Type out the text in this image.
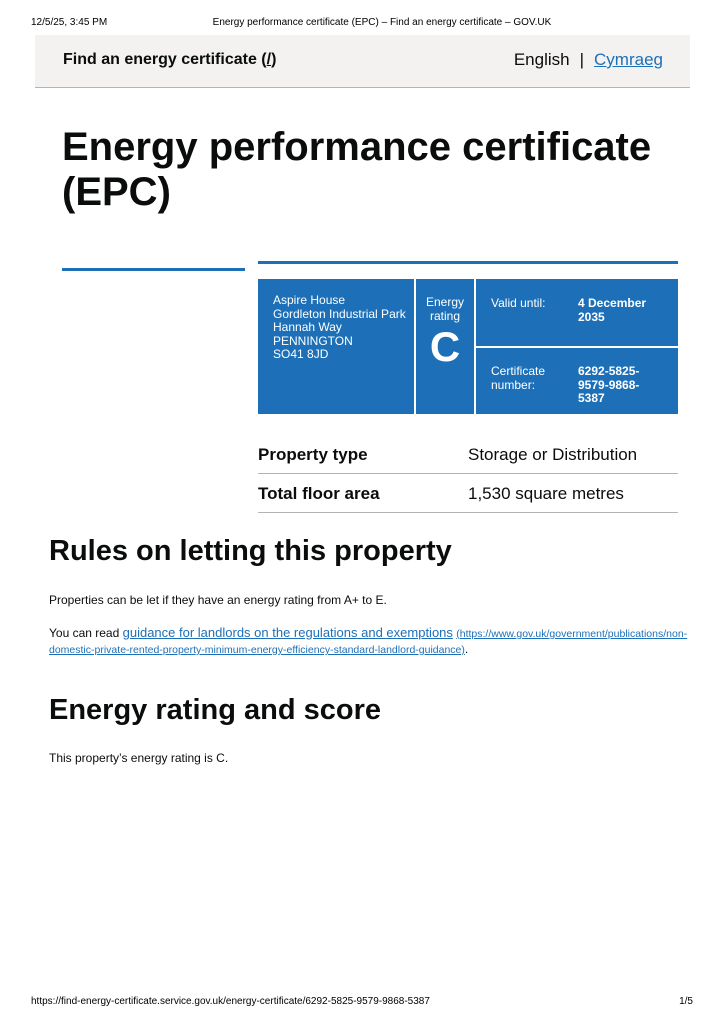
12/5/25, 3:45 PM	Energy performance certificate (EPC) – Find an energy certificate – GOV.UK
Find an energy certificate (/)	English | Cymraeg
Energy performance certificate (EPC)
Aspire House
Gordleton Industrial Park
Hannah Way
PENNINGTON
SO41 8JD
Energy
rating
C
Valid until:	4 December
2035
Certificate
number:
6292-5825-
9579-9868-
5387
Property type	Storage or Distribution
Total floor area	1,530 square metres
Rules on letting this property

Properties can be let if they have an energy rating from A+ to E.

You can read guidance for landlords on the regulations and exemptions (https://www.gov.uk/government/publications/non-
domestic-private-rented-property-minimum-energy-efficiency-standard-landlord-guidance).

Energy rating and score

This property’s energy rating is C.

https://find-energy-certificate.service.gov.uk/energy-certificate/6292-5825-9579-9868-5387	1/5
